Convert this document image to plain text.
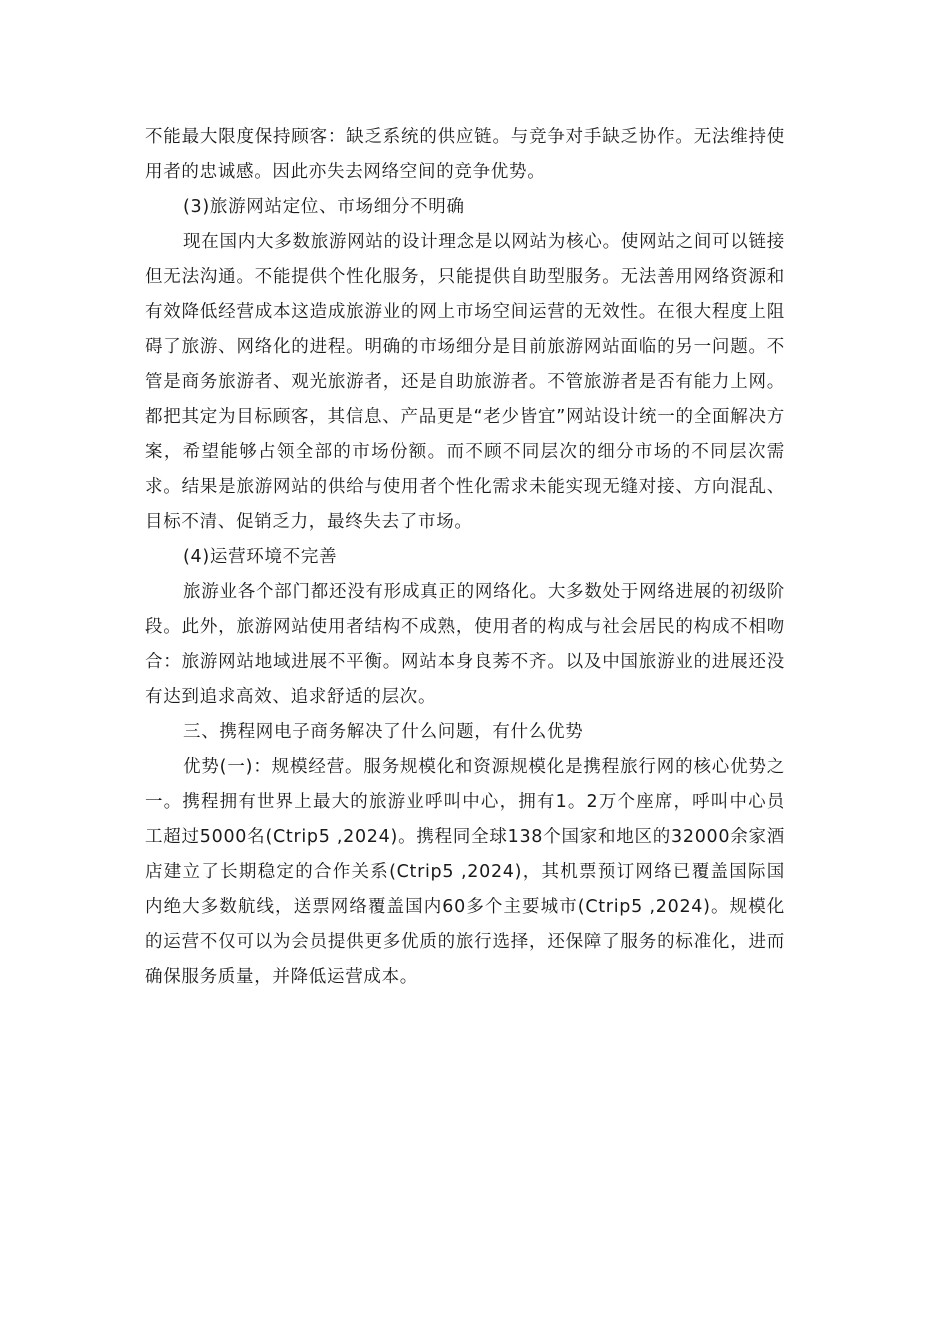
不能最大限度保持顾客：缺乏系统的供应链。与竞争对手缺乏协作。无法维持使用者的忠诚感。因此亦失去网络空间的竞争优势。

(3)旅游网站定位、市场细分不明确

现在国内大多数旅游网站的设计理念是以网站为核心。使网站之间可以链接但无法沟通。不能提供个性化服务，只能提供自助型服务。无法善用网络资源和有效降低经营成本这造成旅游业的网上市场空间运营的无效性。在很大程度上阻碍了旅游、网络化的进程。明确的市场细分是目前旅游网站面临的另一问题。不管是商务旅游者、观光旅游者，还是自助旅游者。不管旅游者是否有能力上网。都把其定为目标顾客，其信息、产品更是“老少皆宜”网站设计统一的全面解决方案，希望能够占领全部的市场份额。而不顾不同层次的细分市场的不同层次需求。结果是旅游网站的供给与使用者个性化需求未能实现无缝对接、方向混乱、目标不清、促销乏力，最终失去了市场。

(4)运营环境不完善

旅游业各个部门都还没有形成真正的网络化。大多数处于网络进展的初级阶段。此外，旅游网站使用者结构不成熟，使用者的构成与社会居民的构成不相吻合：旅游网站地域进展不平衡。网站本身良莠不齐。以及中国旅游业的进展还没有达到追求高效、追求舒适的层次。

三、携程网电子商务解决了什么问题，有什么优势

优势(一)：规模经营。服务规模化和资源规模化是携程旅行网的核心优势之一。携程拥有世界上最大的旅游业呼叫中心，拥有1。2万个座席，呼叫中心员工超过5000名(Ctrip5 ,2024)。携程同全球138个国家和地区的32000余家酒店建立了长期稳定的合作关系(Ctrip5 ,2024)，其机票预订网络已覆盖国际国内绝大多数航线，送票网络覆盖国内60多个主要城市(Ctrip5 ,2024)。规模化的运营不仅可以为会员提供更多优质的旅行选择，还保障了服务的标准化，进而确保服务质量，并降低运营成本。
